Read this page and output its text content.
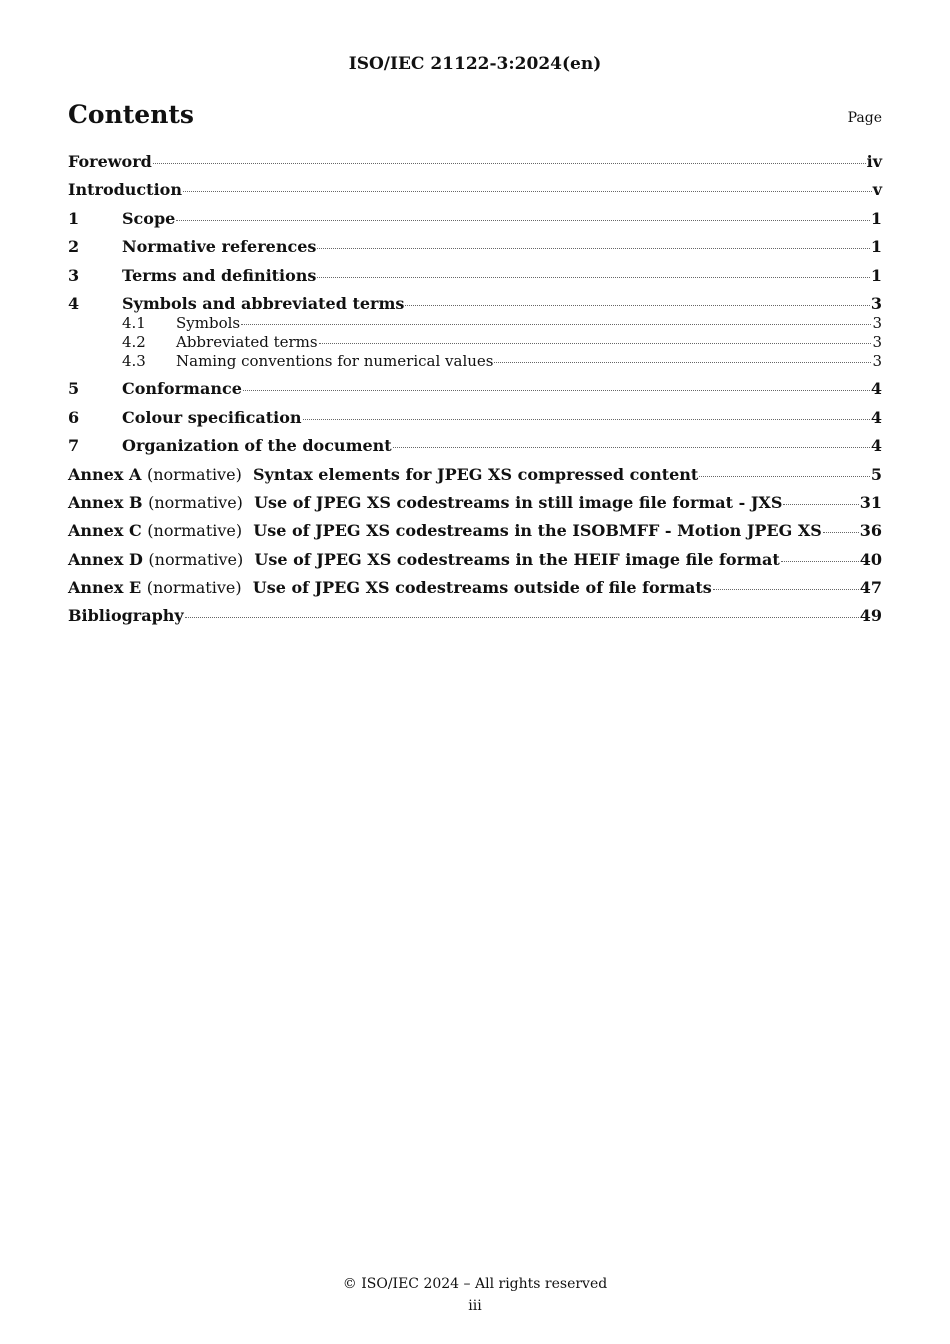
ISO/IEC 21122-3:2024(en)
Contents	Page
Foreword	iv
Introduction	v
1	Scope	1
2	Normative references	1
3	Terms and definitions	1
4	Symbols and abbreviated terms	3
4.1	Symbols	3
4.2	Abbreviated terms	3
4.3	Naming conventions for numerical values	3
5	Conformance	4
6	Colour specification	4
7	Organization of the document	4
Annex A (normative) Syntax elements for JPEG XS compressed content	5
Annex B (normative) Use of JPEG XS codestreams in still image file format - JXS	31
Annex C (normative) Use of JPEG XS codestreams in the ISOBMFF - Motion JPEG XS 36
Annex D (normative) Use of JPEG XS codestreams in the HEIF image file format	40
Annex E (normative) Use of JPEG XS codestreams outside of file formats	47
Bibliography	49
© ISO/IEC 2024 – All rights reserved
iii
